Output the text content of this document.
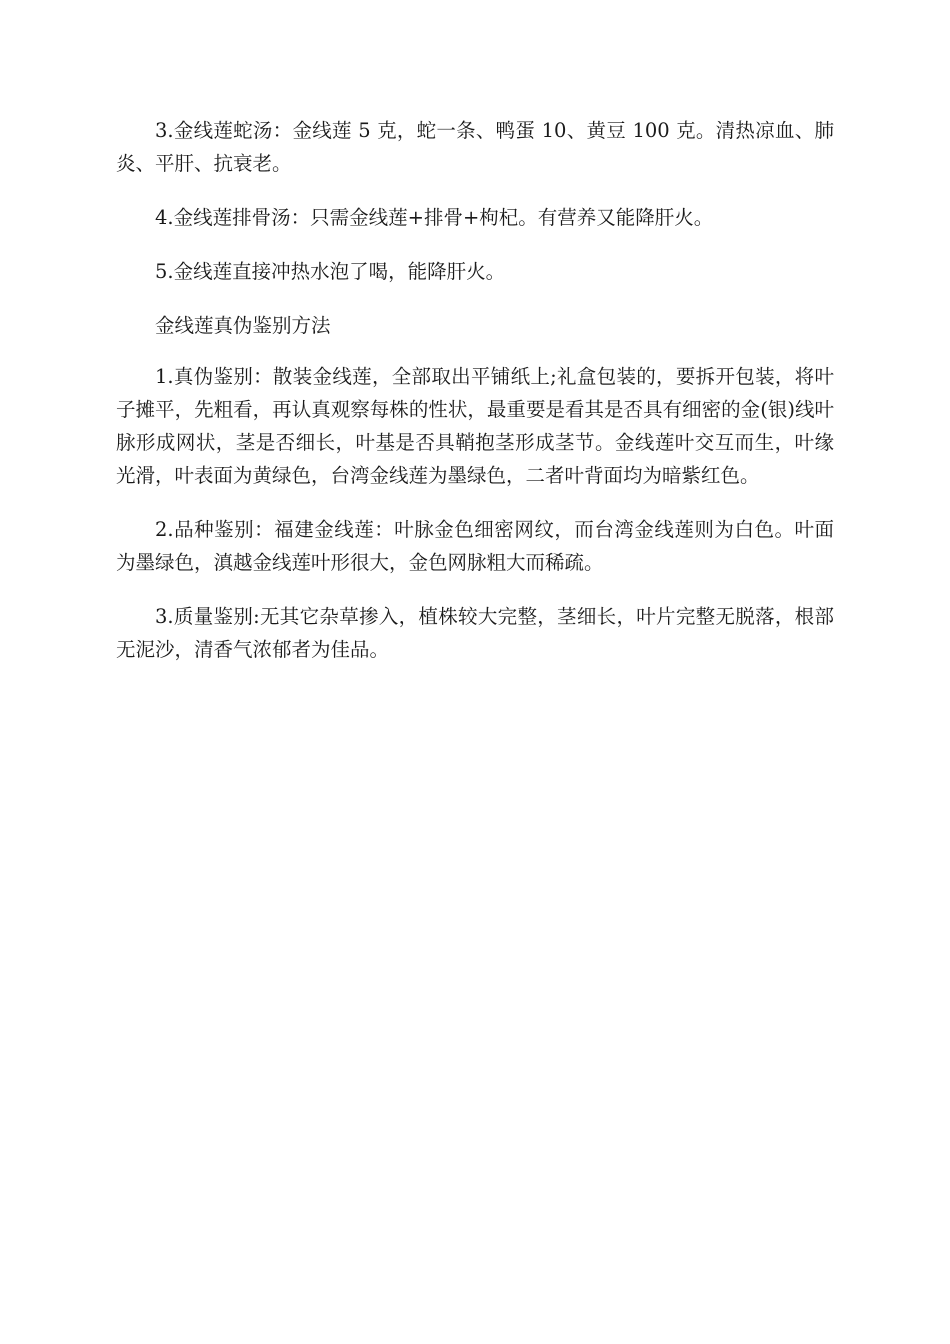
3.金线莲蛇汤：金线莲 5 克，蛇一条、鸭蛋 10、黄豆 100 克。清热凉血、肺炎、平肝、抗衰老。

4.金线莲排骨汤：只需金线莲+排骨+枸杞。有营养又能降肝火。

5.金线莲直接冲热水泡了喝，能降肝火。

金线莲真伪鉴别方法

1.真伪鉴别：散装金线莲，全部取出平铺纸上;礼盒包装的，要拆开包装，将叶子摊平，先粗看，再认真观察每株的性状，最重要是看其是否具有细密的金(银)线叶脉形成网状，茎是否细长，叶基是否具鞘抱茎形成茎节。金线莲叶交互而生，叶缘光滑，叶表面为黄绿色，台湾金线莲为墨绿色，二者叶背面均为暗紫红色。

2.品种鉴别：福建金线莲：叶脉金色细密网纹，而台湾金线莲则为白色。叶面为墨绿色，滇越金线莲叶形很大，金色网脉粗大而稀疏。

3.质量鉴别:无其它杂草掺入，植株较大完整，茎细长，叶片完整无脱落，根部无泥沙，清香气浓郁者为佳品。
